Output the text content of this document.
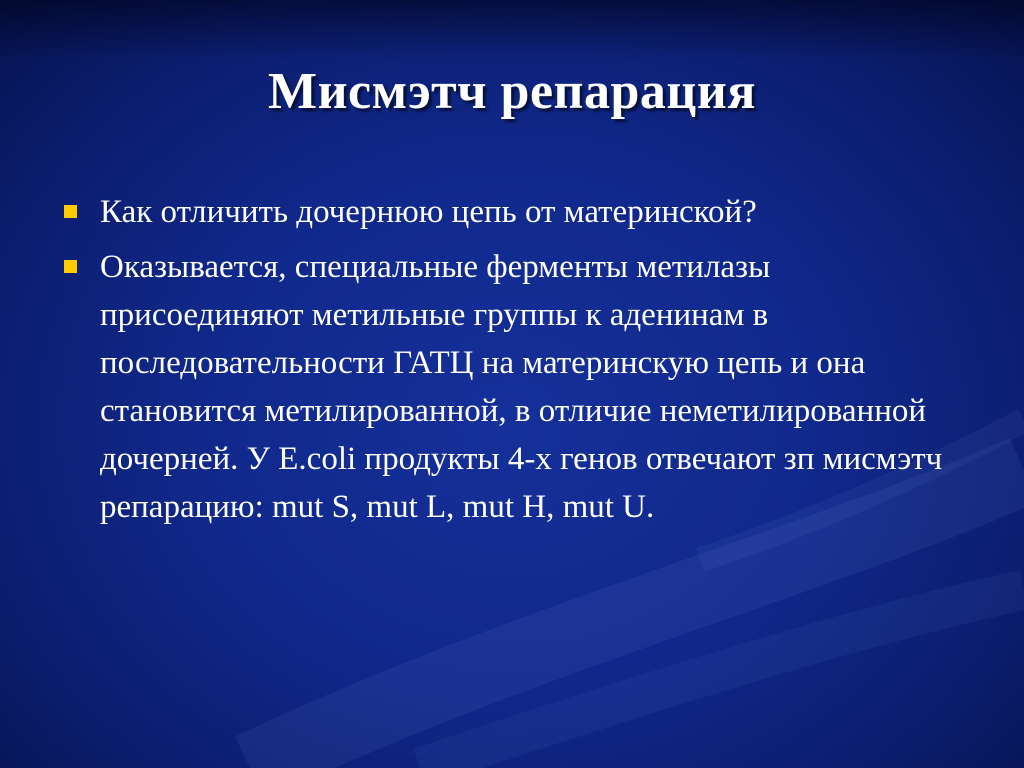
Мисмэтч репарация
Как отличить дочернюю цепь от материнской?
Оказывается, специальные ферменты метилазы присоединяют метильные группы к аденинам в последовательности ГАТЦ на материнскую цепь и она становится метилированной, в отличие неметилированной дочерней. У E.coli продукты 4-х генов отвечают зп мисмэтч репарацию: mut S, mut L, mut H, mut U.
